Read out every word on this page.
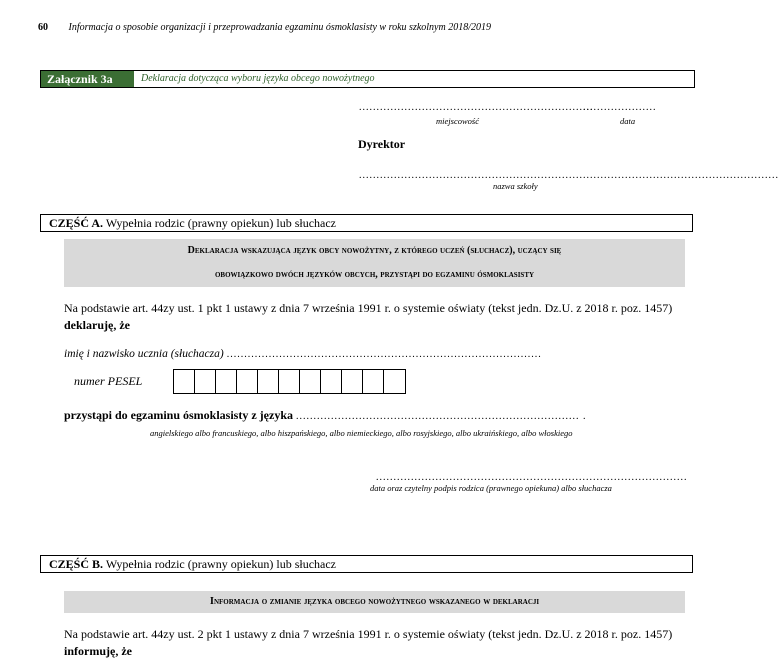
60 Informacja o sposobie organizacji i przeprowadzania egzaminu ósmoklasisty w roku szkolnym 2018/2019
Załącznik 3a	Deklaracja dotycząca wyboru języka obcego nowożytnego
...................................................................
miejscowość
.....................
data
Dyrektor
........................................................................................................................
nazwa szkoły
CZĘŚĆ A. Wypełnia rodzic (prawny opiekun) lub słuchacz
Deklaracja wskazująca język obcy nowożytny, z którego uczeń (słuchacz), uczący się
obowiązkowo dwóch języków obcych, przystąpi do egzaminu ósmoklasisty
Na podstawie art. 44zy ust. 1 pkt 1 ustawy z dnia 7 września 1991 r. o systemie oświaty (tekst jedn. Dz.U. z 2018 r. poz. 1457) deklaruję, że
imię i nazwisko ucznia (słuchacza) ..........................................................................................
numer PESEL
przystąpi do egzaminu ósmoklasisty z języka ................................................................................. .
angielskiego albo francuskiego, albo hiszpańskiego, albo niemieckiego, albo rosyjskiego, albo ukraińskiego, albo włoskiego
.........................................................................................
data oraz czytelny podpis rodzica (prawnego opiekuna) albo słuchacza
CZĘŚĆ B. Wypełnia rodzic (prawny opiekun) lub słuchacz
Informacja o zmianie języka obcego nowożytnego wskazanego w deklaracji
Na podstawie art. 44zy ust. 2 pkt 1 ustawy z dnia 7 września 1991 r. o systemie oświaty (tekst jedn. Dz.U. z 2018 r. poz. 1457) informuję, że
